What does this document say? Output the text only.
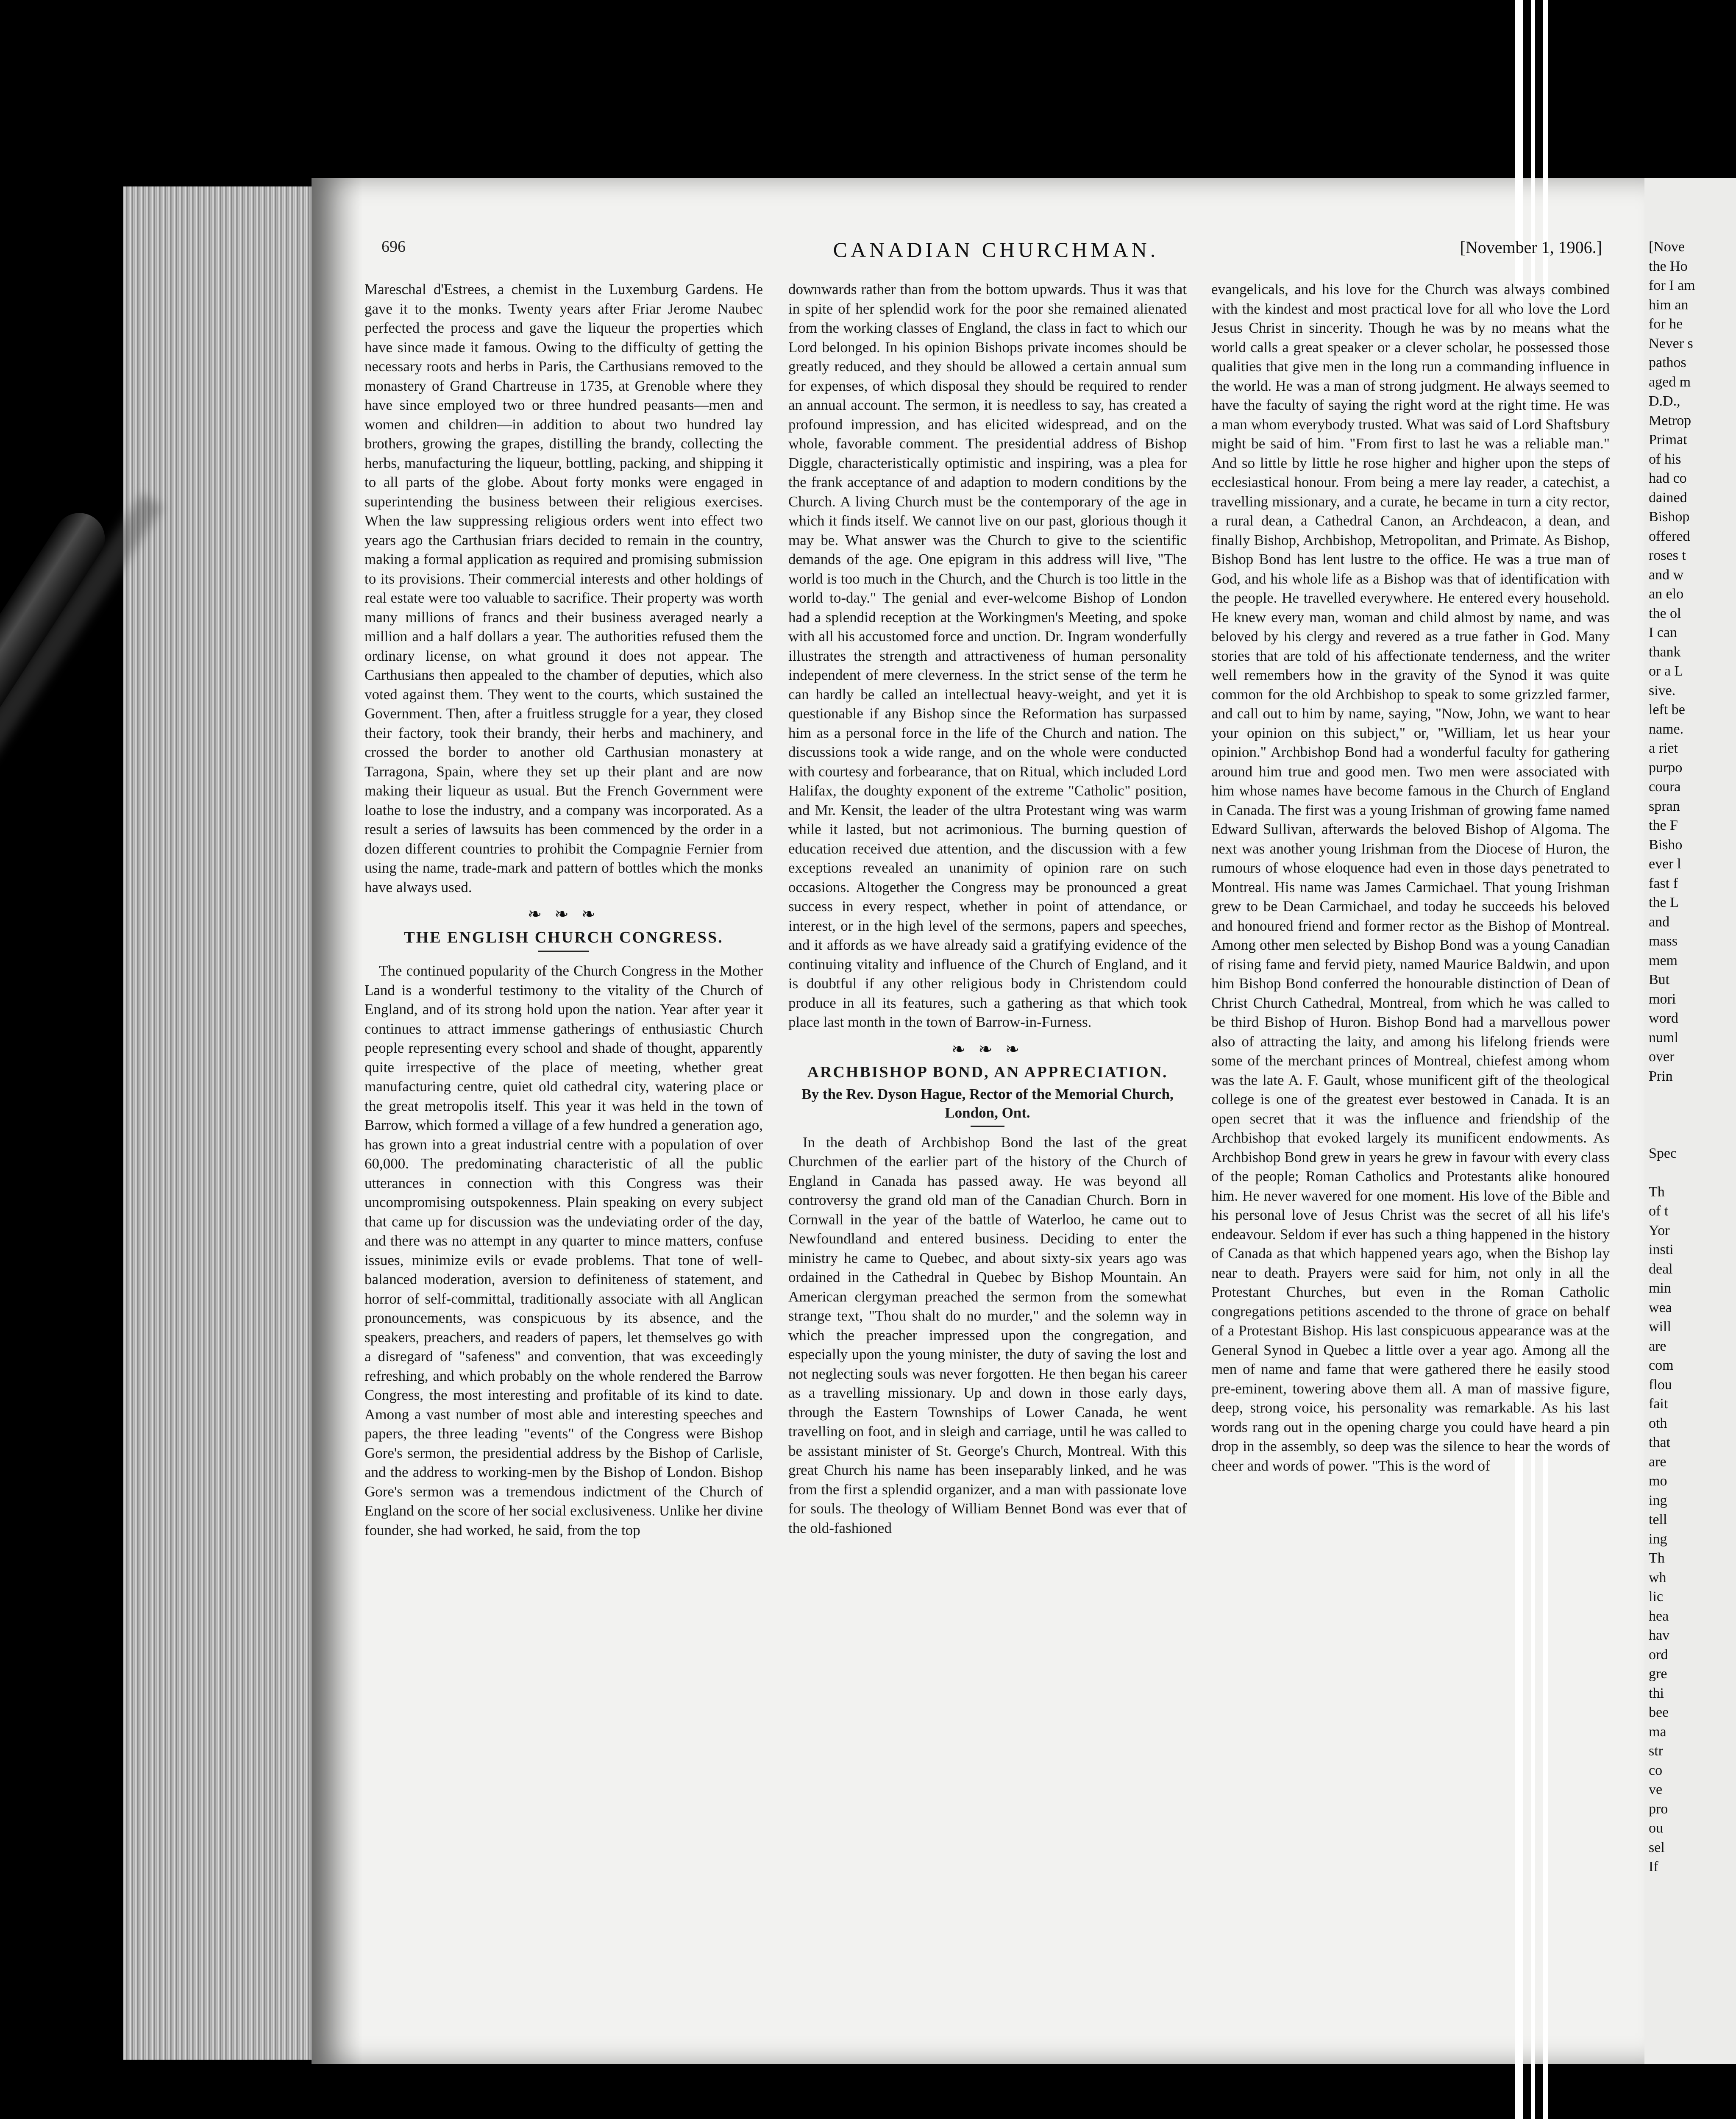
[Nove
the Ho
for I am
him an
for he
Never s
pathos
aged m
D.D.,
Metrop
Primat
of his
had co
dained
Bishop
offered
roses t
and w
an elo
the ol
I can
thank
or a L
sive.
left be
name.
a riet
purpo
coura
spran
the F
Bisho
ever l
fast f
the L
and
mass
mem
But
mori
word
numl
over
Prin

Spec

Th
of t
Yor
insti
deal
min
wea
will
are
com
flou
fait
oth
that
are
mo
ing
tell
ing
Th
wh
lic
hea
hav
ord
gre
thi
bee
ma
str
co
ve
pro
ou
sel
If
696	CANADIAN CHURCHMAN.	[November 1, 1906.]

Mareschal d'Estrees, a chemist in the Luxemburg Gardens. He gave it to the monks. Twenty years after Friar Jerome Naubec perfected the process and gave the liqueur the properties which have since made it famous. Owing to the difficulty of getting the necessary roots and herbs in Paris, the Carthusians removed to the monastery of Grand Chartreuse in 1735, at Grenoble where they have since employed two or three hundred peasants—men and women and children—in addition to about two hundred lay brothers, growing the grapes, distilling the brandy, collecting the herbs, manufacturing the liqueur, bottling, packing, and shipping it to all parts of the globe. About forty monks were engaged in superintending the business between their religious exercises. When the law suppressing religious orders went into effect two years ago the Carthusian friars decided to remain in the country, making a formal application as required and promising submission to its provisions. Their commercial interests and other holdings of real estate were too valuable to sacrifice. Their property was worth many millions of francs and their business averaged nearly a million and a half dollars a year. The authorities refused them the ordinary license, on what ground it does not appear. The Carthusians then appealed to the chamber of deputies, which also voted against them. They went to the courts, which sustained the Government. Then, after a fruitless struggle for a year, they closed their factory, took their brandy, their herbs and machinery, and crossed the border to another old Carthusian monastery at Tarragona, Spain, where they set up their plant and are now making their liqueur as usual. But the French Government were loathe to lose the industry, and a company was incorporated. As a result a series of lawsuits has been commenced by the order in a dozen different countries to prohibit the Compagnie Fernier from using the name, trade-mark and pattern of bottles which the monks have always used.

❧ ❧ ❧
THE ENGLISH CHURCH CONGRESS.

The continued popularity of the Church Congress in the Mother Land is a wonderful testimony to the vitality of the Church of England, and of its strong hold upon the nation. Year after year it continues to attract immense gatherings of enthusiastic Church people representing every school and shade of thought, apparently quite irrespective of the place of meeting, whether great manufacturing centre, quiet old cathedral city, watering place or the great metropolis itself. This year it was held in the town of Barrow, which formed a village of a few hundred a generation ago, has grown into a great industrial centre with a population of over 60,000. The predominating characteristic of all the public utterances in connection with this Congress was their uncompromising outspokenness. Plain speaking on every subject that came up for discussion was the undeviating order of the day, and there was no attempt in any quarter to mince matters, confuse issues, minimize evils or evade problems. That tone of well-balanced moderation, aversion to definiteness of statement, and horror of self-committal, traditionally associate with all Anglican pronouncements, was conspicuous by its absence, and the speakers, preachers, and readers of papers, let themselves go with a disregard of "safeness" and convention, that was exceedingly refreshing, and which probably on the whole rendered the Barrow Congress, the most interesting and profitable of its kind to date. Among a vast number of most able and interesting speeches and papers, the three leading "events" of the Congress were Bishop Gore's sermon, the presidential address by the Bishop of Carlisle, and the address to working-men by the Bishop of London. Bishop Gore's sermon was a tremendous indictment of the Church of England on the score of her social exclusiveness. Unlike her divine founder, she had worked, he said, from the top

downwards rather than from the bottom upwards. Thus it was that in spite of her splendid work for the poor she remained alienated from the working classes of England, the class in fact to which our Lord belonged. In his opinion Bishops private incomes should be greatly reduced, and they should be allowed a certain annual sum for expenses, of which disposal they should be required to render an annual account. The sermon, it is needless to say, has created a profound impression, and has elicited widespread, and on the whole, favorable comment. The presidential address of Bishop Diggle, characteristically optimistic and inspiring, was a plea for the frank acceptance of and adaption to modern conditions by the Church. A living Church must be the contemporary of the age in which it finds itself. We cannot live on our past, glorious though it may be. What answer was the Church to give to the scientific demands of the age. One epigram in this address will live, "The world is too much in the Church, and the Church is too little in the world to-day." The genial and ever-welcome Bishop of London had a splendid reception at the Workingmen's Meeting, and spoke with all his accustomed force and unction. Dr. Ingram wonderfully illustrates the strength and attractiveness of human personality independent of mere cleverness. In the strict sense of the term he can hardly be called an intellectual heavy-weight, and yet it is questionable if any Bishop since the Reformation has surpassed him as a personal force in the life of the Church and nation. The discussions took a wide range, and on the whole were conducted with courtesy and forbearance, that on Ritual, which included Lord Halifax, the doughty exponent of the extreme "Catholic" position, and Mr. Kensit, the leader of the ultra Protestant wing was warm while it lasted, but not acrimonious. The burning question of education received due attention, and the discussion with a few exceptions revealed an unanimity of opinion rare on such occasions. Altogether the Congress may be pronounced a great success in every respect, whether in point of attendance, or interest, or in the high level of the sermons, papers and speeches, and it affords as we have already said a gratifying evidence of the continuing vitality and influence of the Church of England, and it is doubtful if any other religious body in Christendom could produce in all its features, such a gathering as that which took place last month in the town of Barrow-in-Furness.

❧ ❧ ❧
ARCHBISHOP BOND, AN APPRECIATION.
By the Rev. Dyson Hague, Rector of the Memorial Church, London, Ont.

In the death of Archbishop Bond the last of the great Churchmen of the earlier part of the history of the Church of England in Canada has passed away. He was beyond all controversy the grand old man of the Canadian Church. Born in Cornwall in the year of the battle of Waterloo, he came out to Newfoundland and entered business. Deciding to enter the ministry he came to Quebec, and about sixty-six years ago was ordained in the Cathedral in Quebec by Bishop Mountain. An American clergyman preached the sermon from the somewhat strange text, "Thou shalt do no murder," and the solemn way in which the preacher impressed upon the congregation, and especially upon the young minister, the duty of saving the lost and not neglecting souls was never forgotten. He then began his career as a travelling missionary. Up and down in those early days, through the Eastern Townships of Lower Canada, he went travelling on foot, and in sleigh and carriage, until he was called to be assistant minister of St. George's Church, Montreal. With this great Church his name has been inseparably linked, and he was from the first a splendid organizer, and a man with passionate love for souls. The theology of William Bennet Bond was ever that of the old-fashioned

evangelicals, and his love for the Church was always combined with the kindest and most practical love for all who love the Lord Jesus Christ in sincerity. Though he was by no means what the world calls a great speaker or a clever scholar, he possessed those qualities that give men in the long run a commanding influence in the world. He was a man of strong judgment. He always seemed to have the faculty of saying the right word at the right time. He was a man whom everybody trusted. What was said of Lord Shaftsbury might be said of him. "From first to last he was a reliable man." And so little by little he rose higher and higher upon the steps of ecclesiastical honour. From being a mere lay reader, a catechist, a travelling missionary, and a curate, he became in turn a city rector, a rural dean, a Cathedral Canon, an Archdeacon, a dean, and finally Bishop, Archbishop, Metropolitan, and Primate. As Bishop, Bishop Bond has lent lustre to the office. He was a true man of God, and his whole life as a Bishop was that of identification with the people. He travelled everywhere. He entered every household. He knew every man, woman and child almost by name, and was beloved by his clergy and revered as a true father in God. Many stories that are told of his affectionate tenderness, and the writer well remembers how in the gravity of the Synod it was quite common for the old Archbishop to speak to some grizzled farmer, and call out to him by name, saying, "Now, John, we want to hear your opinion on this subject," or, "William, let us hear your opinion." Archbishop Bond had a wonderful faculty for gathering around him true and good men. Two men were associated with him whose names have become famous in the Church of England in Canada. The first was a young Irishman of growing fame named Edward Sullivan, afterwards the beloved Bishop of Algoma. The next was another young Irishman from the Diocese of Huron, the rumours of whose eloquence had even in those days penetrated to Montreal. His name was James Carmichael. That young Irishman grew to be Dean Carmichael, and today he succeeds his beloved and honoured friend and former rector as the Bishop of Montreal. Among other men selected by Bishop Bond was a young Canadian of rising fame and fervid piety, named Maurice Baldwin, and upon him Bishop Bond conferred the honourable distinction of Dean of Christ Church Cathedral, Montreal, from which he was called to be third Bishop of Huron. Bishop Bond had a marvellous power also of attracting the laity, and among his lifelong friends were some of the merchant princes of Montreal, chiefest among whom was the late A. F. Gault, whose munificent gift of the theological college is one of the greatest ever bestowed in Canada. It is an open secret that it was the influence and friendship of the Archbishop that evoked largely its munificent endowments. As Archbishop Bond grew in years he grew in favour with every class of the people; Roman Catholics and Protestants alike honoured him. He never wavered for one moment. His love of the Bible and his personal love of Jesus Christ was the secret of all his life's endeavour. Seldom if ever has such a thing happened in the history of Canada as that which happened years ago, when the Bishop lay near to death. Prayers were said for him, not only in all the Protestant Churches, but even in the Roman Catholic congregations petitions ascended to the throne of grace on behalf of a Protestant Bishop. His last conspicuous appearance was at the General Synod in Quebec a little over a year ago. Among all the men of name and fame that were gathered there he easily stood pre-eminent, towering above them all. A man of massive figure, deep, strong voice, his personality was remarkable. As his last words rang out in the opening charge you could have heard a pin drop in the assembly, so deep was the silence to hear the words of cheer and words of power. "This is the word of
